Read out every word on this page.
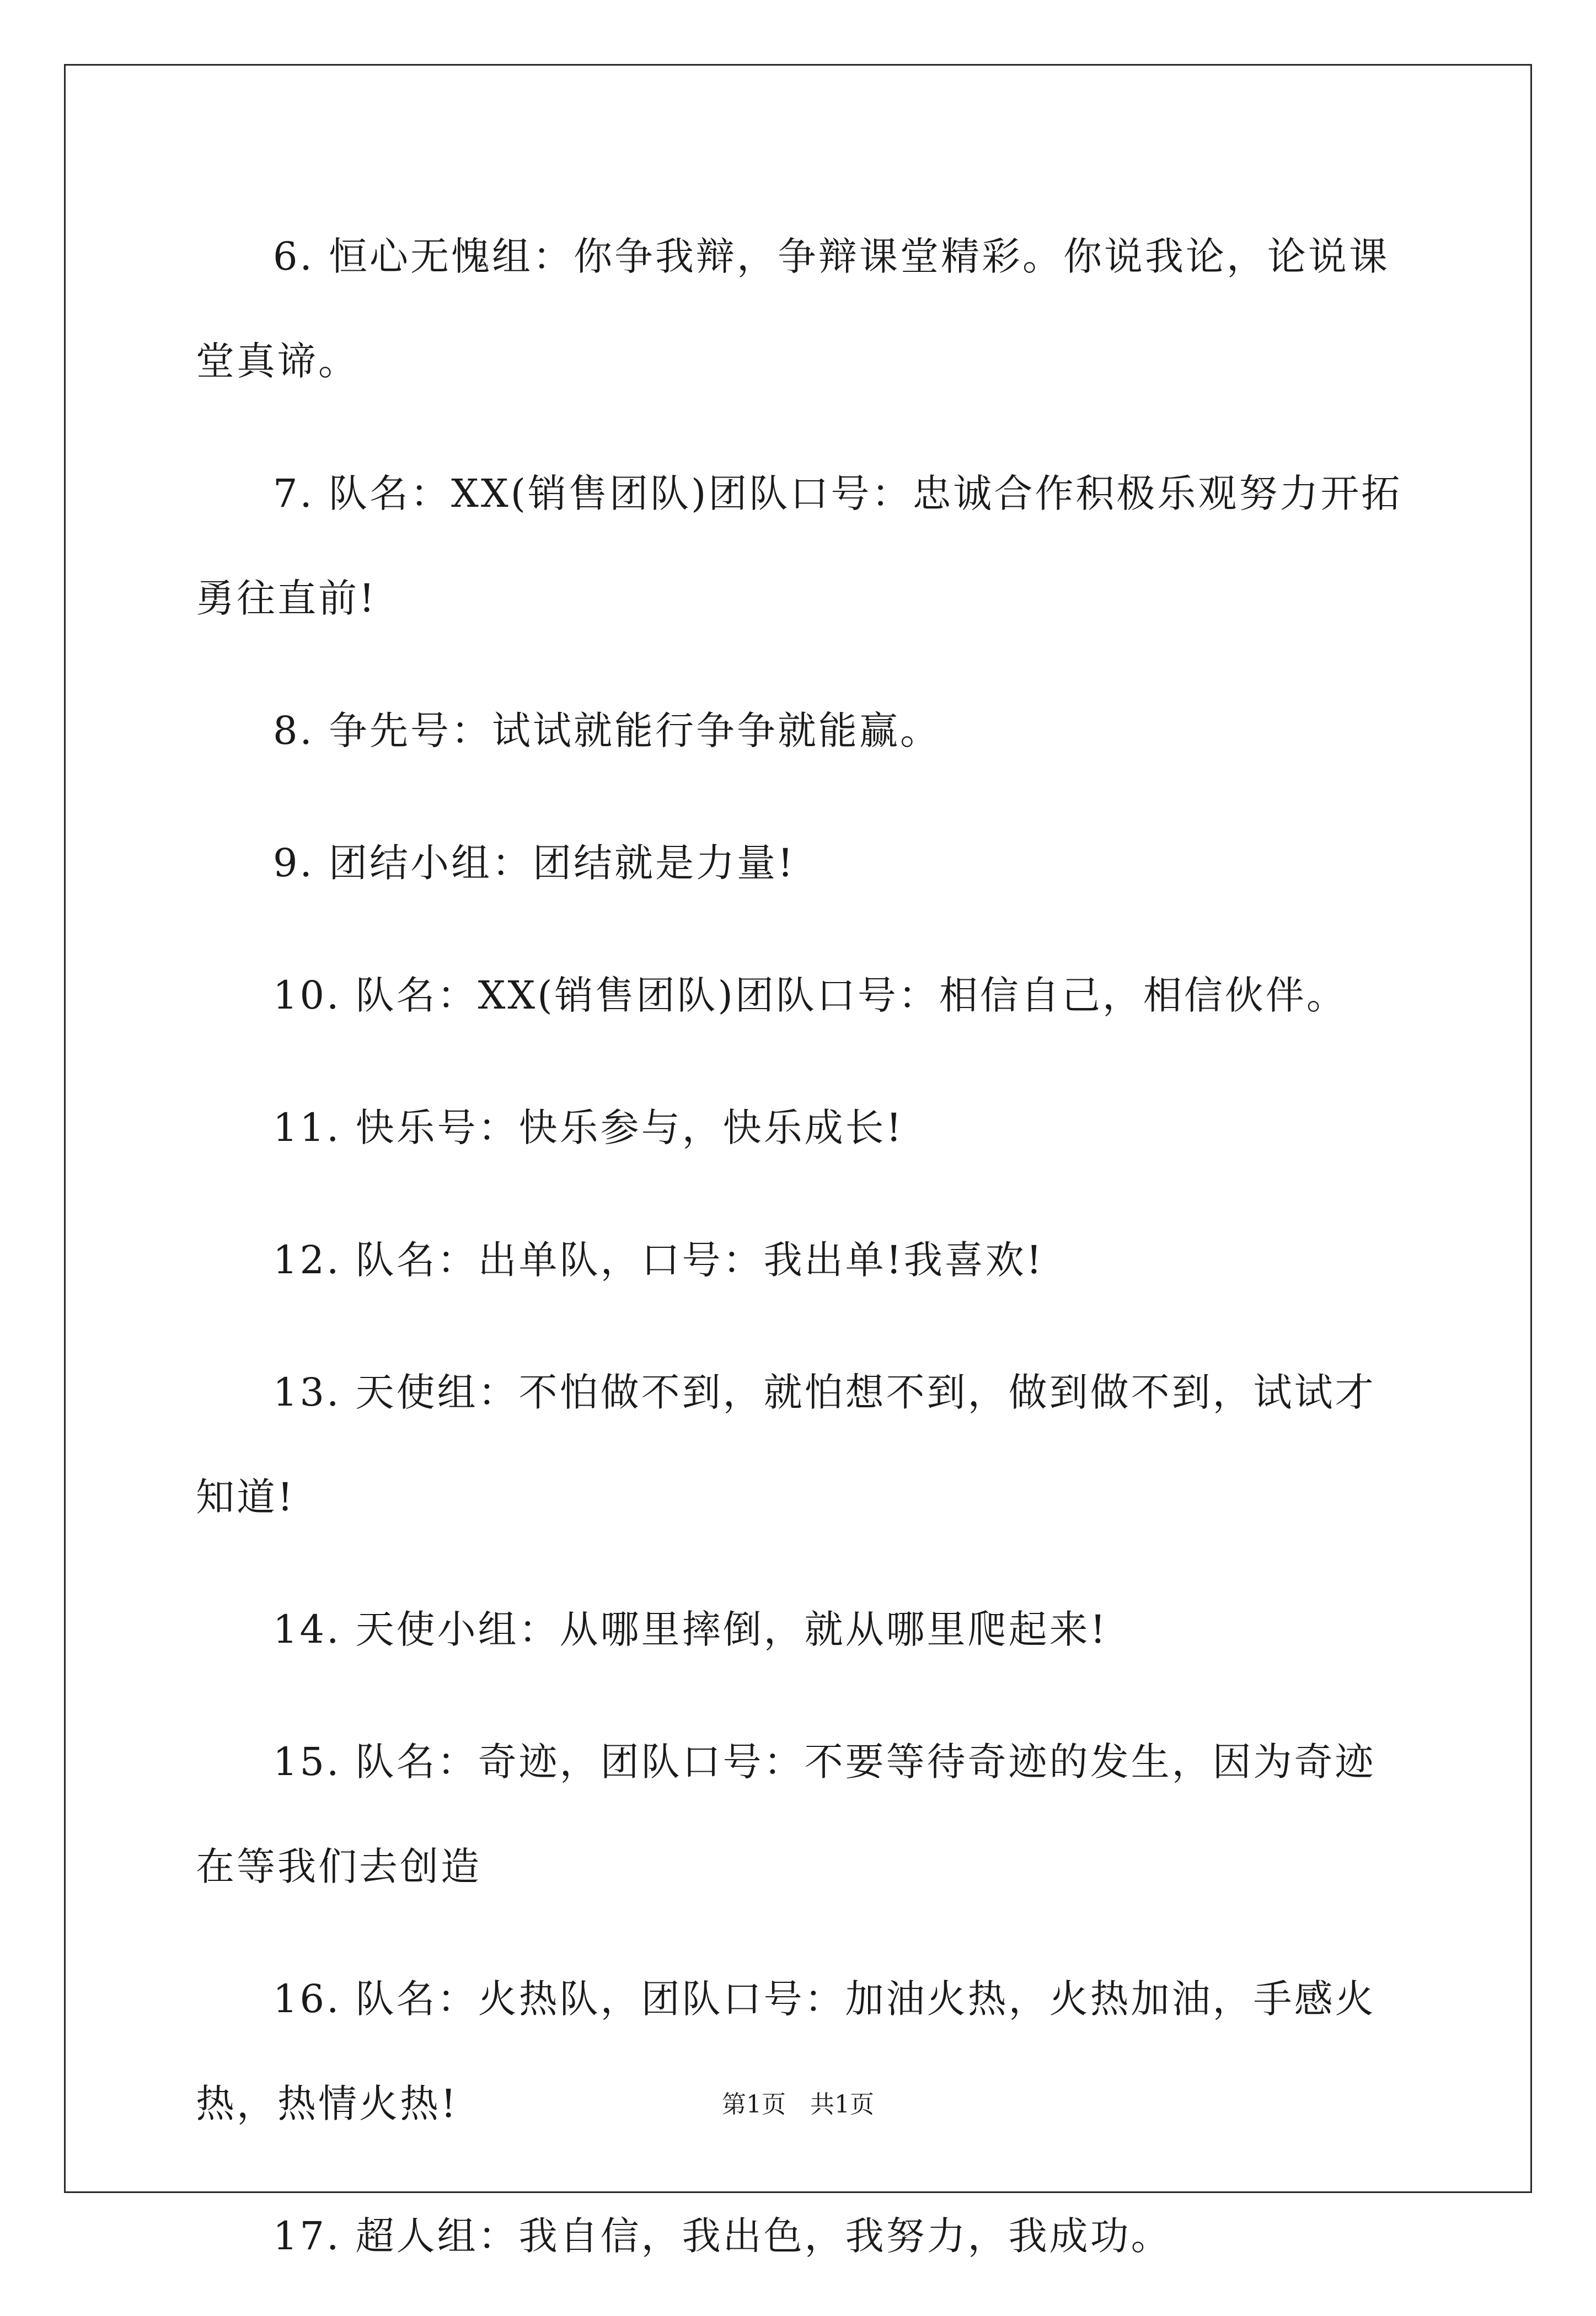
6. 恒心无愧组：你争我辩，争辩课堂精彩。你说我论，论说课堂真谛。

7. 队名：XX(销售团队)团队口号：忠诚合作积极乐观努力开拓勇往直前!

8. 争先号：试试就能行争争就能赢。

9. 团结小组：团结就是力量!

10. 队名：XX(销售团队)团队口号：相信自己，相信伙伴。

11. 快乐号：快乐参与，快乐成长!

12. 队名：出单队，口号：我出单!我喜欢!

13. 天使组：不怕做不到，就怕想不到，做到做不到，试试才知道!

14. 天使小组：从哪里摔倒，就从哪里爬起来!

15. 队名：奇迹，团队口号：不要等待奇迹的发生，因为奇迹在等我们去创造

16. 队名：火热队，团队口号：加油火热，火热加油，手感火热，热情火热!

17. 超人组：我自信，我出色，我努力，我成功。

第1页 共1页
